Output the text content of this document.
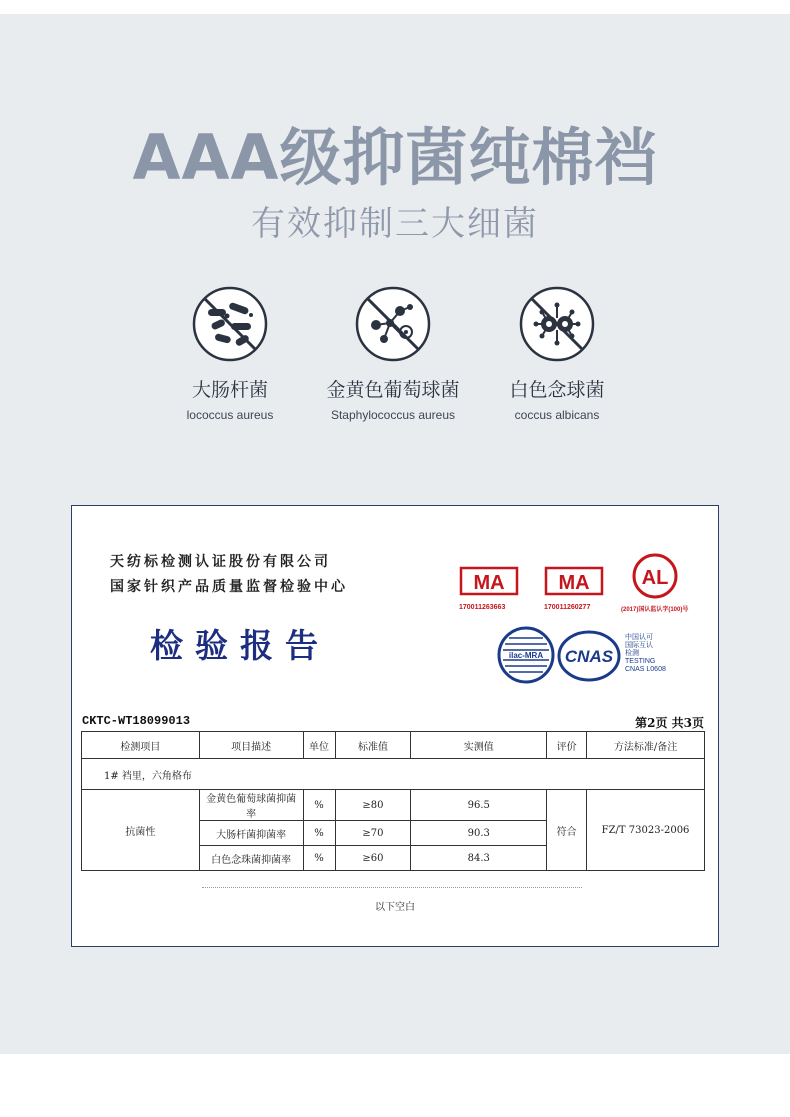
AAA级抑菌纯棉裆
有效抑制三大细菌
大肠杆菌
lococcus aureus
金黄色葡萄球菌
Staphylococcus aureus
白色念球菌
coccus albicans
天纺标检测认证股份有限公司
国家针织产品质量监督检验中心
检验报告
MA
170011263663
MA
170011260277
AL
(2017)国认监认字(100)号
ilac-MRA CNAS
中国认可
国际互认
检测
TESTING
CNAS L0608
CKTC-WT18099013	第2页 共3页
检测项目	项目描述	单位	标准值	实测值	评价	方法标准/备注
1# 裆里，六角格布						
抗菌性	金黄色葡萄球菌抑菌率	%	≥80	96.5	符合	FZ/T 73023-2006
	大肠杆菌抑菌率	%	≥70	90.3		
	白色念珠菌抑菌率	%	≥60	84.3		
以下空白
